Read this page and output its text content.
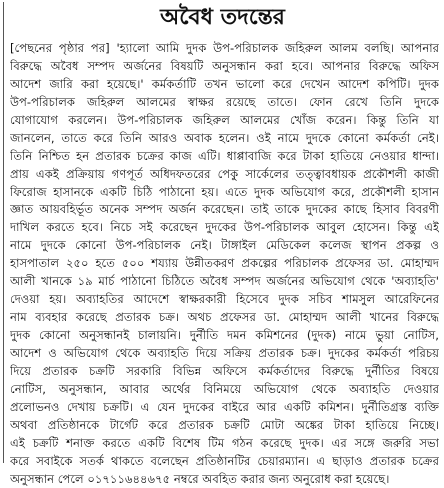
অবৈধ তদন্তের
[পেছনের পৃষ্ঠার পর] 'হ্যালো আমি দুদক উপ-পরিচালক জহিরুল আলম বলছি। আপনার
বিরুদ্ধে অবৈধ সম্পদ অর্জনের বিষয়টি অনুসন্ধান করা হবে। আপনার বিরুদ্ধে অফিস
আদেশ জারি করা হয়েছে।' কর্মকর্তাটি তখন ভালো করে দেখেন আদেশ কপিটি। দুদক
উপ-পরিচালক জহিরুল আলমের স্বাক্ষর রয়েছে তাতে। ফোন রেখে তিনি দুদকে
যোগাযোগ করলেন। উপ-পরিচালক জহিরুল আলমের খোঁজ করেন। কিন্তু তিনি যা
জানলেন, তাতে করে তিনি আরও অবাক হলেন। ওই নামে দুদকে কোনো কর্মকর্তা নেই।
তিনি নিশ্চিত হন প্রতারক চক্রের কাজ এটি। ধাপ্পাবাজি করে টাকা হাতিয়ে নেওয়ার ধান্দা।
প্রায় একই প্রক্রিয়ায় গণপূর্ত অধিদফতরের পেকু সার্কেলের তত্ত্বাবধায়ক প্রকৌশলী কাজী
ফিরোজ হাসানকে একটি চিঠি পাঠানো হয়। এতে দুদক অভিযোগ করে, প্রকৌশলী হাসান
জ্ঞাত আয়বহির্ভূত অনেক সম্পদ অর্জন করেছেন। তাই তাকে দুদকের কাছে হিসাব বিবরণী
দাখিল করতে হবে। নিচে সই করেছেন দুদকের উপ-পরিচালক আবুল হোসেন। কিন্তু এই
নামে দুদকে কোনো উপ-পরিচালক নেই। টাঙ্গাইল মেডিকেল কলেজ স্থাপন প্রকল্প ও
হাসপাতাল ২৫০ হতে ৫০০ শয্যায় উন্নীতকরণ প্রকল্পের পরিচালক প্রফেসর ডা. মোহাম্মদ
আলী খানকে ১৯ মার্চ পাঠানো চিঠিতে অবৈধ সম্পদ অর্জনের অভিযোগ থেকে 'অব্যাহতি'
দেওয়া হয়। অব্যাহতির আদেশে স্বাক্ষরকারী হিসেবে দুদক সচিব শামসুল আরেফিনের
নাম ব্যবহার করেছে প্রতারক চক্র। অথচ প্রফেসর ডা. মোহাম্মদ আলী খানের বিরুদ্ধে
দুদক কোনো অনুসন্ধানই চালায়নি। দুর্নীতি দমন কমিশনের (দুদক) নামে ভুয়া নোটিস,
আদেশ ও অভিযোগ থেকে অব্যাহতি দিয়ে সক্রিয় প্রতারক চক্র। দুদকের কর্মকর্তা পরিচয়
দিয়ে প্রতারক চক্রটি সরকারি বিভিন্ন অফিসে কর্মকর্তাদের বিরুদ্ধে দুর্নীতির বিষয়ে
নোটিস, অনুসন্ধান, আবার অর্থের বিনিময়ে অভিযোগ থেকে অব্যাহতি দেওয়ার
প্রলোভনও দেখায় চক্রটি। এ যেন দুদকের বাইরে আর একটি কমিশন। দুর্নীতিগ্রস্ত ব্যক্তি
অথবা প্রতিষ্ঠানকে টার্গেট করে প্রতারক চক্রটি মোটা অঙ্কের টাকা হাতিয়ে নিচ্ছে।
এই চক্রটি শনাক্ত করতে একটি বিশেষ টিম গঠন করেছে দুদক। এর সঙ্গে জরুরি সভা
করে সবাইকে সতর্ক থাকতে বলেছেন প্রতিষ্ঠানটির চেয়ারম্যান। এ ছাড়াও প্রতারক চক্রের
অনুসন্ধান পেলে ০১৭১১৬৪৪৬৭৫ নম্বরে অবহিত করার জন্য অনুরোধ করা হয়েছে।
